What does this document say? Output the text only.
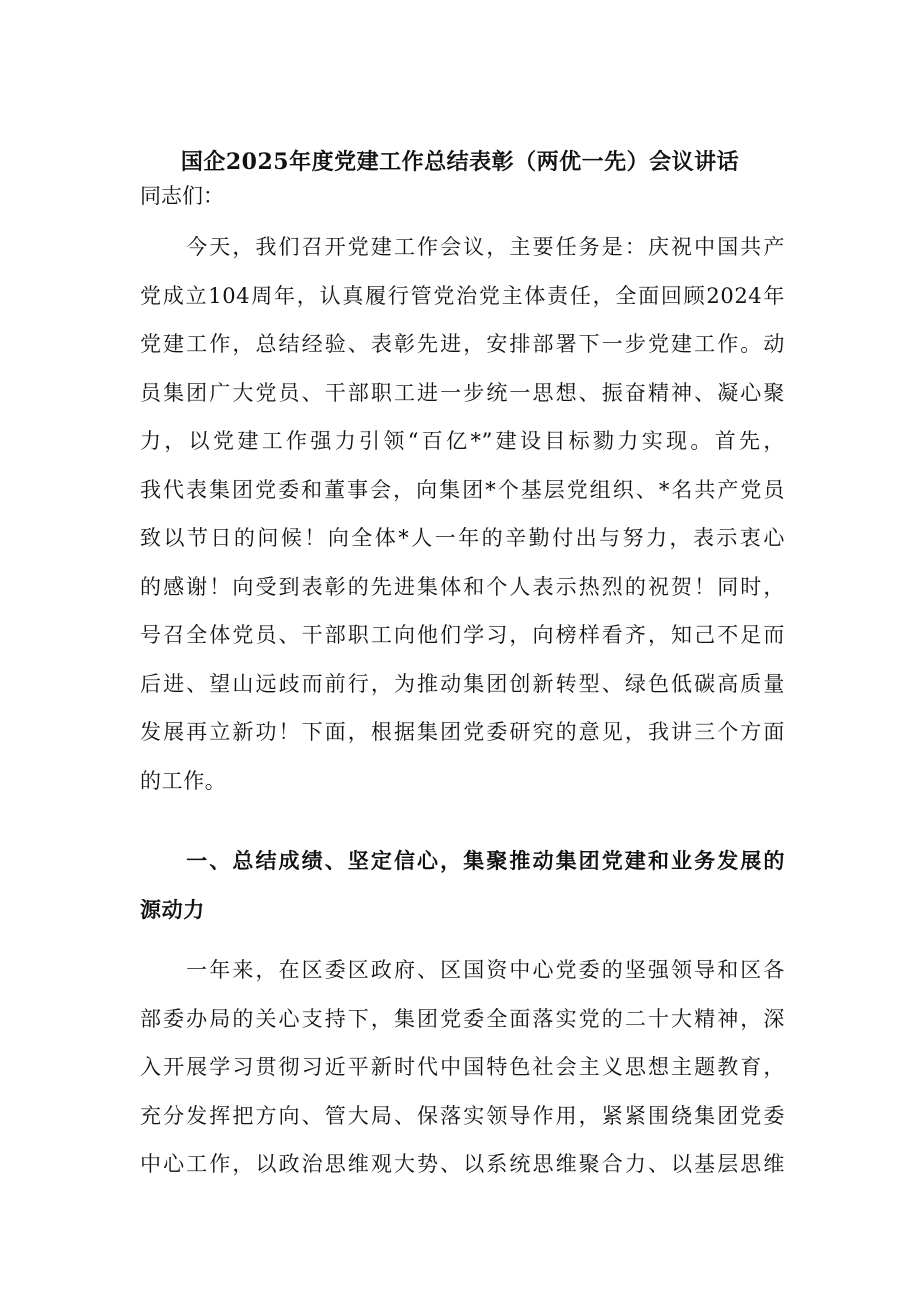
国企2025年度党建工作总结表彰（两优一先）会议讲话
同志们：
　　今天，我们召开党建工作会议，主要任务是：庆祝中国共产
党成立104周年，认真履行管党治党主体责任，全面回顾2024年
党建工作，总结经验、表彰先进，安排部署下一步党建工作。动
员集团广大党员、干部职工进一步统一思想、振奋精神、凝心聚
力，以党建工作强力引领“百亿*”建设目标勠力实现。首先，
我代表集团党委和董事会，向集团*个基层党组织、*名共产党员
致以节日的问候！向全体*人一年的辛勤付出与努力，表示衷心
的感谢！向受到表彰的先进集体和个人表示热烈的祝贺！同时，
号召全体党员、干部职工向他们学习，向榜样看齐，知己不足而
后进、望山远歧而前行，为推动集团创新转型、绿色低碳高质量
发展再立新功！下面，根据集团党委研究的意见，我讲三个方面
的工作。
　　一、总结成绩、坚定信心，集聚推动集团党建和业务发展的
源动力
　　一年来，在区委区政府、区国资中心党委的坚强领导和区各
部委办局的关心支持下，集团党委全面落实党的二十大精神，深
入开展学习贯彻习近平新时代中国特色社会主义思想主题教育，
充分发挥把方向、管大局、保落实领导作用，紧紧围绕集团党委
中心工作，以政治思维观大势、以系统思维聚合力、以基层思维
